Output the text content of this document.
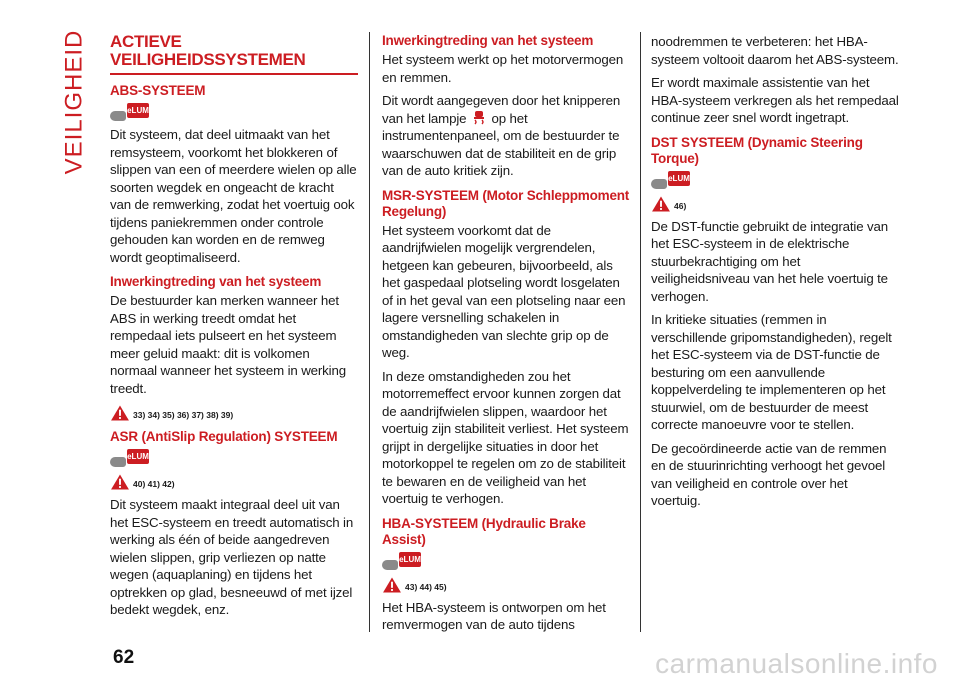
VEILIGHEID ACTIEVE VEILIGHEIDSSYSTEMEN
ABS-SYSTEEM
eLUM

Dit systeem, dat deel uitmaakt van het remsysteem, voorkomt het blokkeren of slippen van een of meerdere wielen op alle soorten wegdek en ongeacht de kracht van de remwerking, zodat het voertuig ook tijdens paniekremmen onder controle gehouden kan worden en de remweg wordt geoptimaliseerd.

Inwerkingtreding van het systeem

De bestuurder kan merken wanneer het ABS in werking treedt omdat het rempedaal iets pulseert en het systeem meer geluid maakt: dit is volkomen normaal wanneer het systeem in werking treedt.

33) 34) 35) 36) 37) 38) 39)
ASR (AntiSlip Regulation) SYSTEEM
eLUM
40) 41) 42)

Dit systeem maakt integraal deel uit van het ESC-systeem en treedt automatisch in werking als één of beide aangedreven wielen slippen, grip verliezen op natte wegen (aquaplaning) en tijdens het optrekken op glad, besneeuwd of met ijzel bedekt wegdek, enz.

Inwerkingtreding van het systeem

Het systeem werkt op het motorvermogen en remmen.

Dit wordt aangegeven door het knipperen van het lampje op het instrumentenpaneel, om de bestuurder te waarschuwen dat de stabiliteit en de grip van de auto kritiek zijn.

MSR-SYSTEEM (Motor Schleppmoment Regelung)

Het systeem voorkomt dat de aandrijfwielen mogelijk vergrendelen, hetgeen kan gebeuren, bijvoorbeeld, als het gaspedaal plotseling wordt losgelaten of in het geval van een plotseling naar een lagere versnelling schakelen in omstandigheden van slechte grip op de weg.

In deze omstandigheden zou het motorremeffect ervoor kunnen zorgen dat de aandrijfwielen slippen, waardoor het voertuig zijn stabiliteit verliest. Het systeem grijpt in dergelijke situaties in door het motorkoppel te regelen om zo de stabiliteit te bewaren en de veiligheid van het voertuig te verhogen.

HBA-SYSTEEM (Hydraulic Brake Assist)
eLUM
43) 44) 45)

Het HBA-systeem is ontworpen om het remvermogen van de auto tijdens

noodremmen te verbeteren: het HBA-systeem voltooit daarom het ABS-systeem.

Er wordt maximale assistentie van het HBA-systeem verkregen als het rempedaal continue zeer snel wordt ingetrapt.

DST SYSTEEM (Dynamic Steering Torque)
eLUM
46)

De DST-functie gebruikt de integratie van het ESC-systeem in de elektrische stuurbekrachtiging om het veiligheidsniveau van het hele voertuig te verhogen.

In kritieke situaties (remmen in verschillende gripomstandigheden), regelt het ESC-systeem via de DST-functie de besturing om een aanvullende koppelverdeling te implementeren op het stuurwiel, om de bestuurder de meest correcte manoeuvre voor te stellen.

De gecoördineerde actie van de remmen en de stuurinrichting verhoogt het gevoel van veiligheid en controle over het voertuig.

62	carmanualsonline.info
